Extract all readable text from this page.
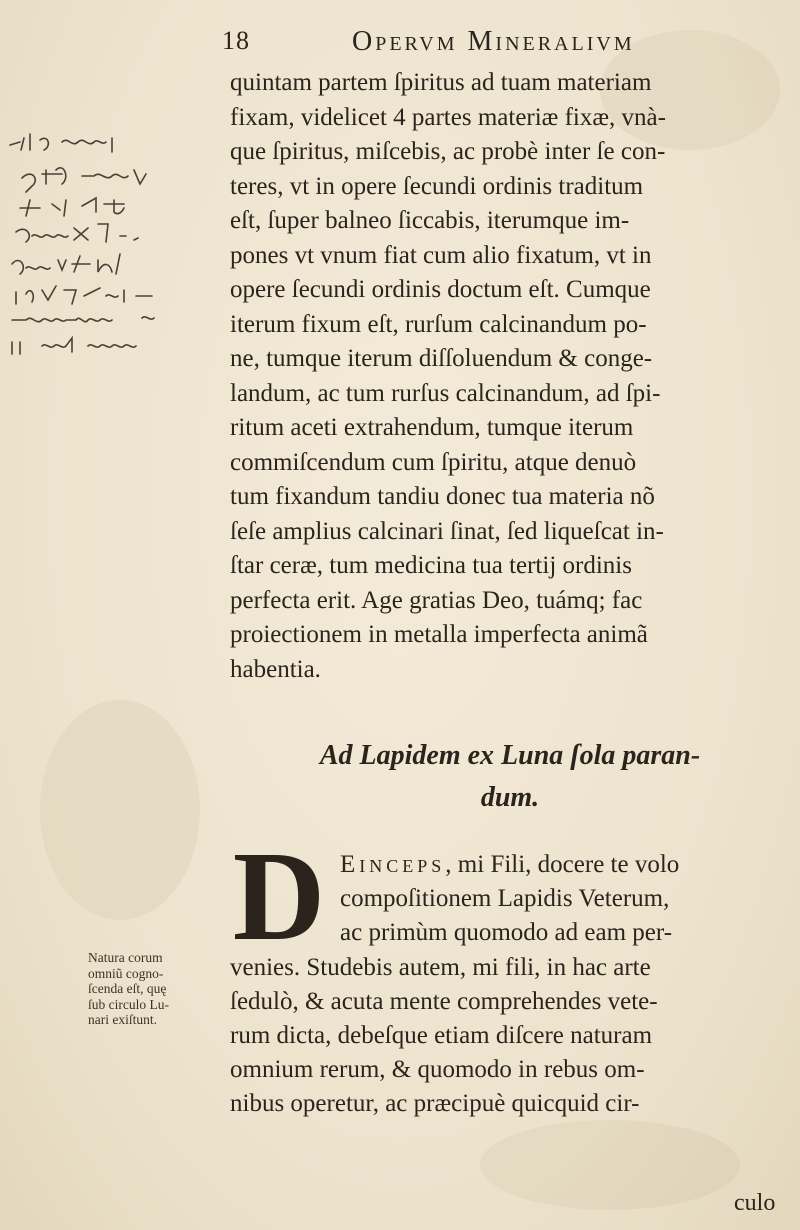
18	Opervm Mineralivm
quintam partem ſpiritus ad tuam materiam
fixam, videlicet 4 partes materiæ fixæ, vnà-
que ſpiritus, miſcebis, ac probè inter ſe con-
teres, vt in opere ſecundi ordinis traditum
eſt, ſuper balneo ſiccabis, iterumque im-
pones vt vnum fiat cum alio fixatum, vt in
opere ſecundi ordinis doctum eſt. Cumque
iterum fixum eſt, rurſum calcinandum po-
ne, tumque iterum diſſoluendum & conge-
landum, ac tum rurſus calcinandum, ad ſpi-
ritum aceti extrahendum, tumque iterum
commiſcendum cum ſpiritu, atque denuò
tum fixandum tandiu donec tua materia nõ
ſeſe amplius calcinari ſinat, ſed liqueſcat in-
ſtar ceræ, tum medicina tua tertij ordinis
perfecta erit. Age gratias Deo, tuámq; fac
proiectionem in metalla imperfecta animã
habentia.
Ad Lapidem ex Luna ſola paran-
dum.
D Eincepſ, mi Fili, docere te volo
compoſitionem Lapidis Veterum,
ac primùm quomodo ad eam per-
venies. Studebis autem, mi fili, in hac arte
ſedulò, & acuta mente comprehendes vete-
rum dicta, debeſque etiam diſcere naturam
omnium rerum, & quomodo in rebus om-
nibus operetur, ac præcipuè quicquid cir-
Natura corum
omniũ cogno-
ſcenda eſt, quę
ſub circulo Lu-
nari exiſtunt.
culo
